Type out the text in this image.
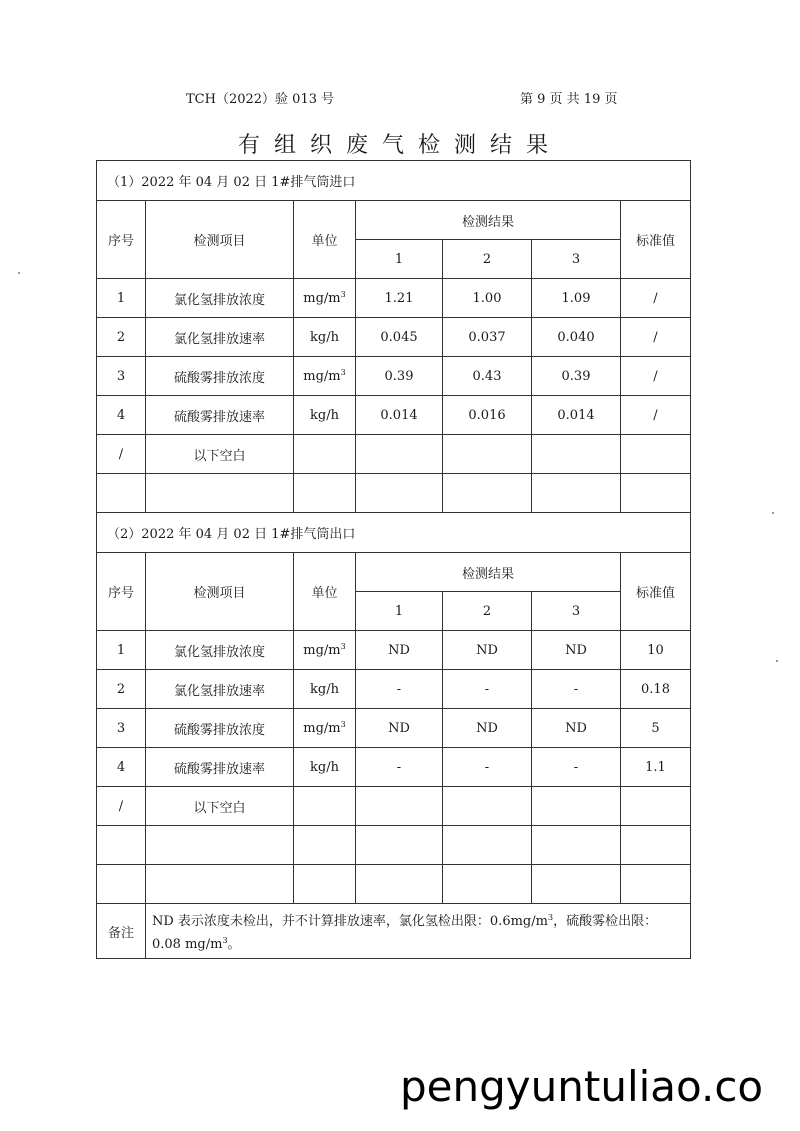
TCH（2022）验 013 号	第 9 页 共 19 页
有组织废气检测结果
（1）2022 年 04 月 02 日 1#排气筒进口						
序号	检测项目	单位	检测结果			标准值
			1	2	3	
1	氯化氢排放浓度	$mg/m^3$	1.21	1.00	1.09	/
2	氯化氢排放速率	kg/h	0.045	0.037	0.040	/
3	硫酸雾排放浓度	$mg/m^3$	0.39	0.43	0.39	/
4	硫酸雾排放速率	kg/h	0.014	0.016	0.014	/
/	以下空白					

（2）2022 年 04 月 02 日 1#排气筒出口						
序号	检测项目	单位	检测结果			标准值
			1	2	3	
1	氯化氢排放浓度	$mg/m^3$	ND	ND	ND	10
2	氯化氢排放速率	kg/h	-	-	-	0.18
3	硫酸雾排放浓度	$mg/m^3$	ND	ND	ND	5
4	硫酸雾排放速率	kg/h	-	-	-	1.1
/	以下空白					

备注	ND 表示浓度未检出，并不计算排放速率，氯化氢检出限：$0.6mg/m^3$，硫酸雾检出限：0.08 $mg/m^3$。					
pengyuntuliao.co
